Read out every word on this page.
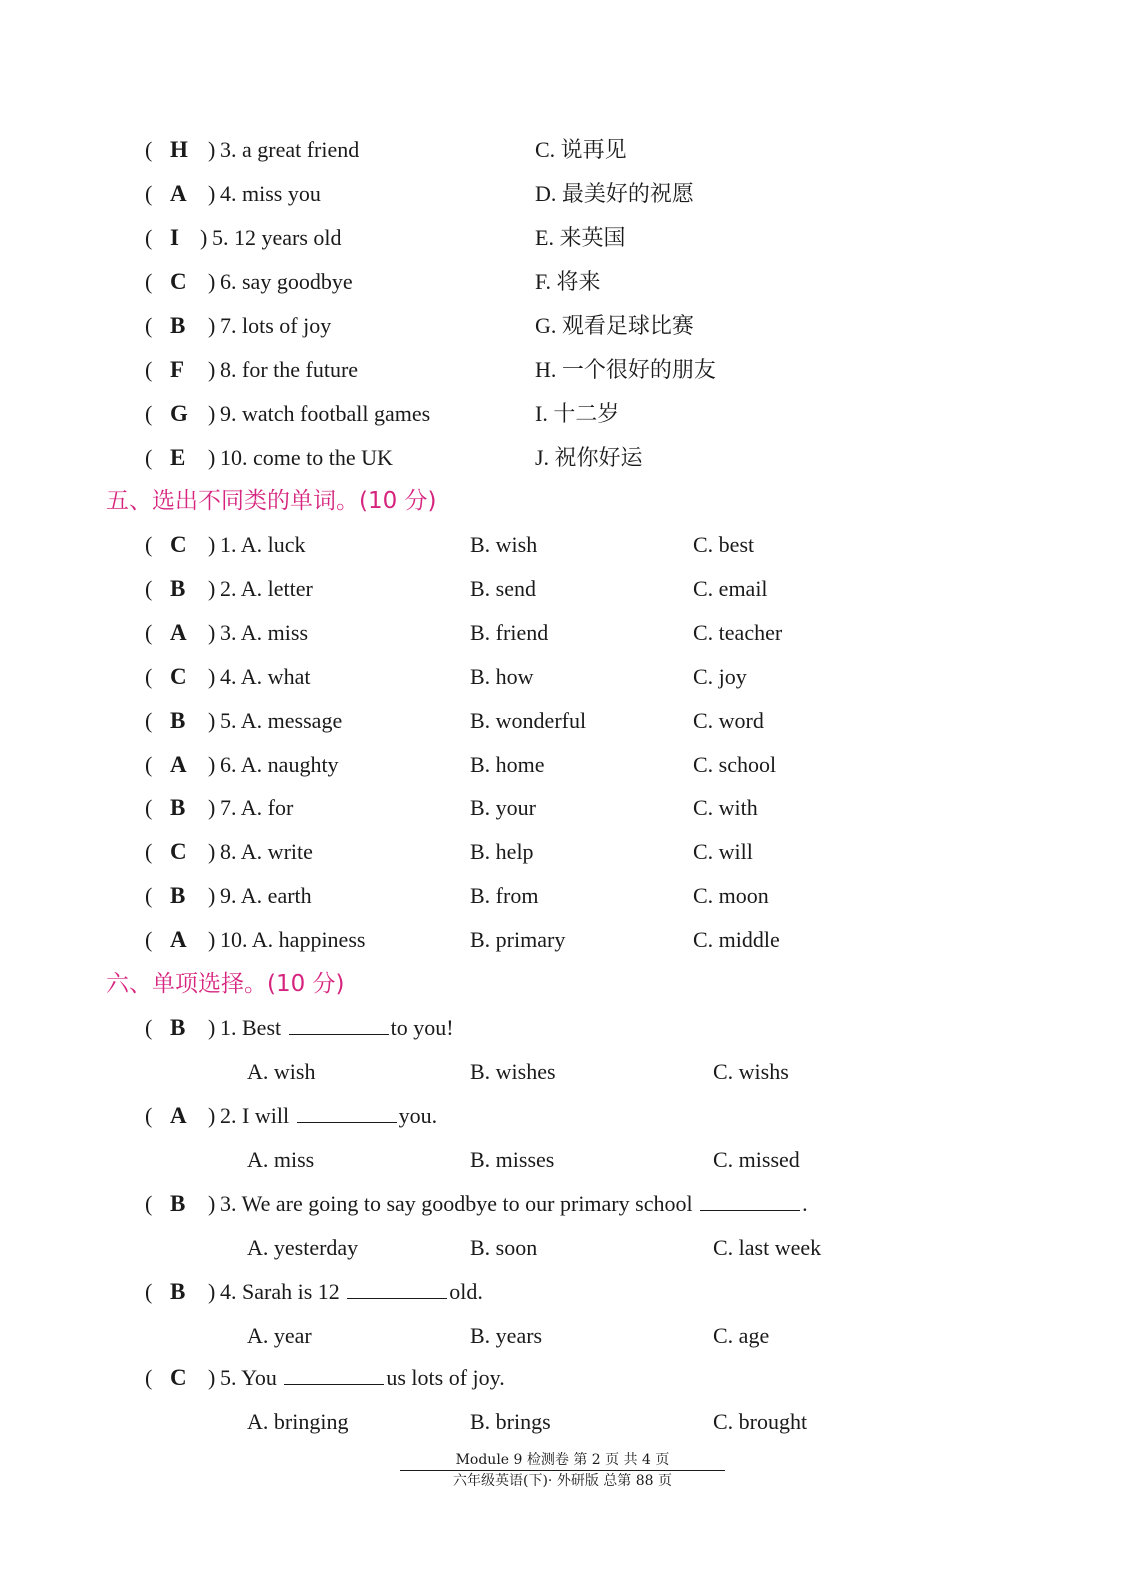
( H ) 3. a great friend	C. 说再见
( A ) 4. miss you	D. 最美好的祝愿
( I ) 5. 12 years old	E. 来英国
( C ) 6. say goodbye	F. 将来
( B ) 7. lots of joy	G. 观看足球比赛
( F ) 8. for the future	H. 一个很好的朋友
( G ) 9. watch football games	I. 十二岁
( E ) 10. come to the UK	J. 祝你好运
五、选出不同类的单词。(10 分)
( C ) 1. A. luck	B. wish	C. best
( B ) 2. A. letter	B. send	C. email
( A ) 3. A. miss	B. friend	C. teacher
( C ) 4. A. what	B. how	C. joy
( B ) 5. A. message	B. wonderful	C. word
( A ) 6. A. naughty	B. home	C. school
( B ) 7. A. for	B. your	C. with
( C ) 8. A. write	B. help	C. will
( B ) 9. A. earth	B. from	C. moon
( A ) 10. A. happiness	B. primary	C. middle
六、单项选择。(10 分)
( B ) 1. Best	to you!
A. wish	B. wishes	C. wishs
( A ) 2. I will	you.
A. miss	B. misses	C. missed
( B ) 3. We are going to say goodbye to our primary school	.
A. yesterday	B. soon	C. last week
( B ) 4. Sarah is 12	old.
A. year	B. years	C. age
( C ) 5. You	us lots of joy.
A. bringing	B. brings	C. brought
Module 9 检测卷 第 2 页 共 4 页
六年级英语(下)· 外研版 总第 88 页
